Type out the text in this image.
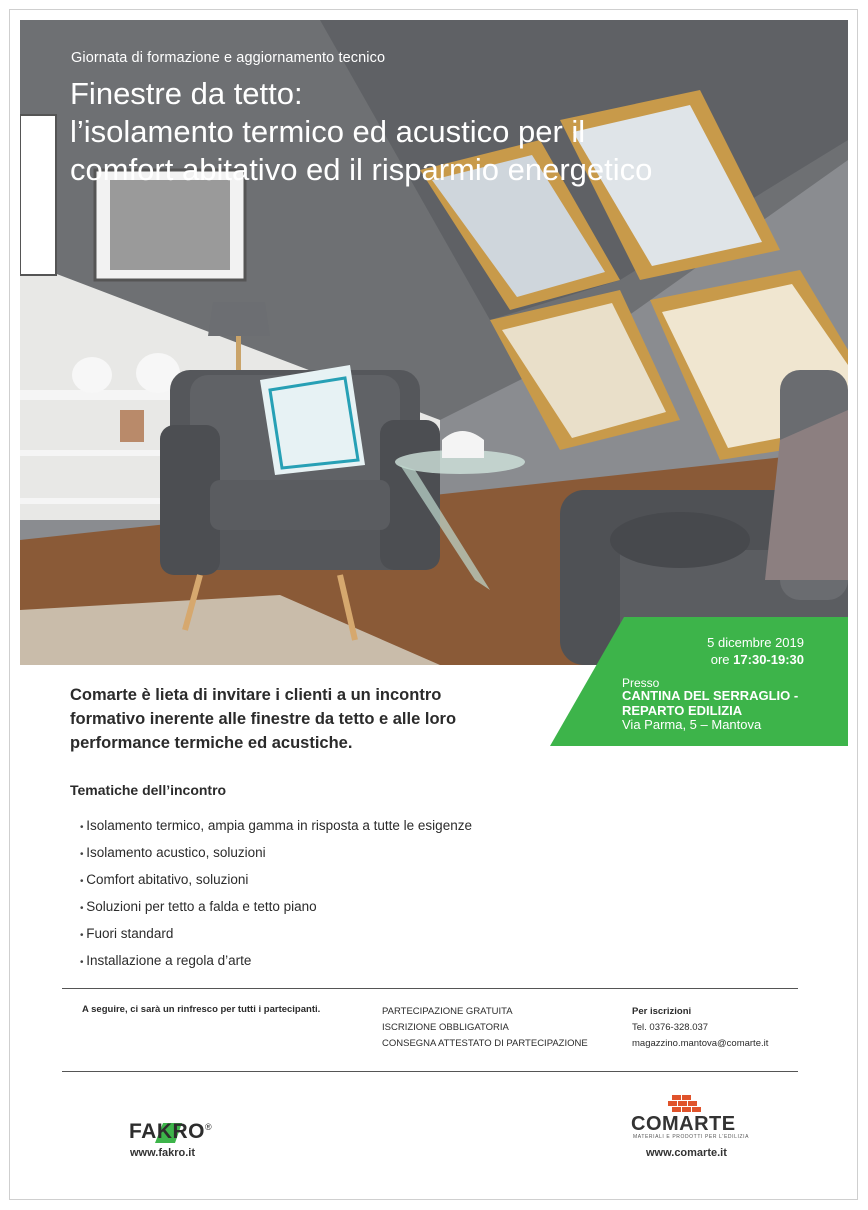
Giornata di formazione e aggiornamento tecnico
Finestre da tetto:
l’isolamento termico ed acustico per il
comfort abitativo ed il risparmio energetico
5 dicembre 2019
ore 17:30-19:30
Presso
CANTINA DEL SERRAGLIO -
REPARTO EDILIZIA
Via Parma, 5 – Mantova

Comarte è lieta di invitare i clienti a un incontro
formativo inerente alle finestre da tetto e alle loro
performance termiche ed acustiche.

Tematiche dell’incontro
• Isolamento termico, ampia gamma in risposta a tutte le esigenze
• Isolamento acustico, soluzioni
• Comfort abitativo, soluzioni
• Soluzioni per tetto a falda e tetto piano
• Fuori standard
• Installazione a regola d’arte
A seguire, ci sarà un rinfresco per tutti i partecipanti.	PARTECIPAZIONE GRATUITA
ISCRIZIONE OBBLIGATORIA
CONSEGNA ATTESTATO DI PARTECIPAZIONE
Per iscrizioni
Tel. 0376-328.037
magazzino.mantova@comarte.it
FAKRO®
www.fakro.it
COMARTE
MATERIALI E PRODOTTI PER L'EDILIZIA
www.comarte.it
